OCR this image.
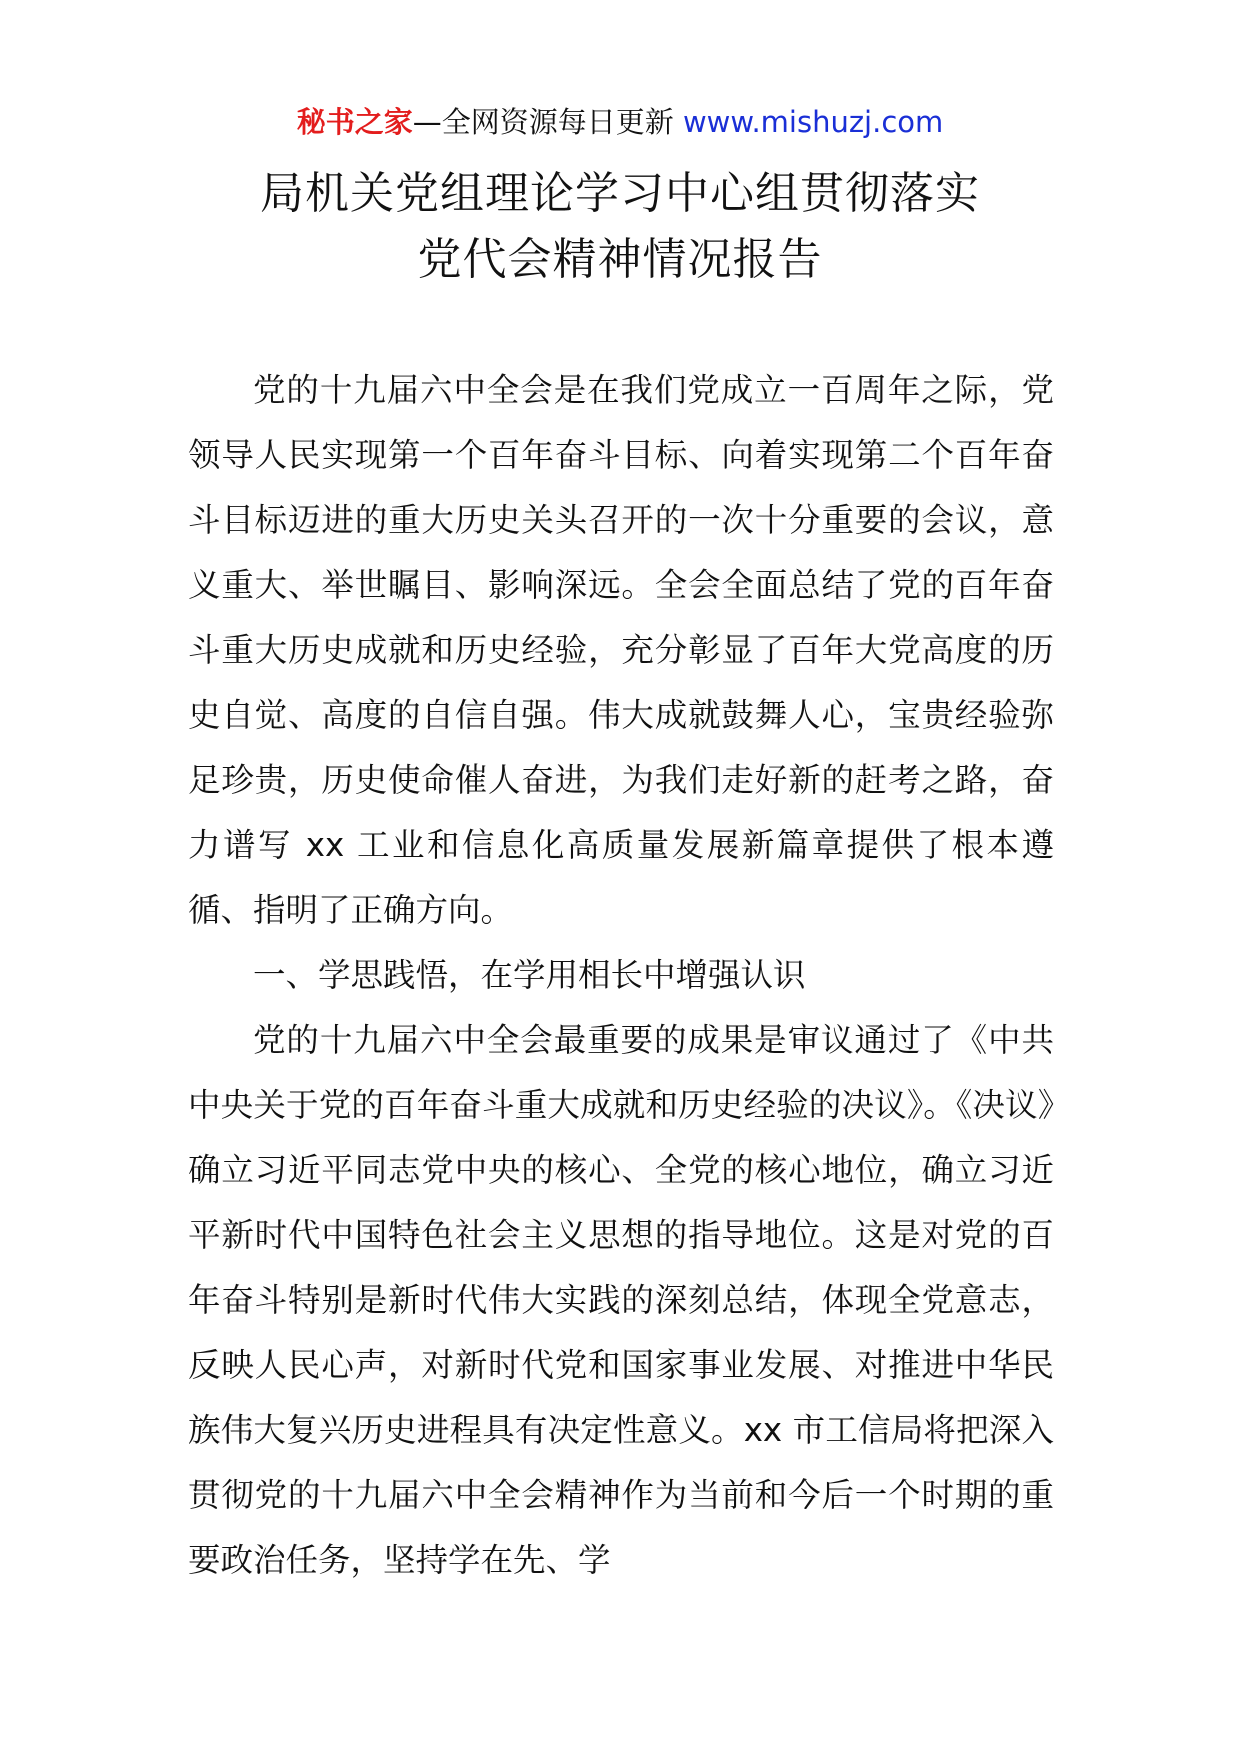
秘书之家—全网资源每日更新 www.mishuzj.com
局机关党组理论学习中心组贯彻落实
党代会精神情况报告

党的十九届六中全会是在我们党成立一百周年之际，党领导人民实现第一个百年奋斗目标、向着实现第二个百年奋斗目标迈进的重大历史关头召开的一次十分重要的会议，意义重大、举世瞩目、影响深远。全会全面总结了党的百年奋斗重大历史成就和历史经验，充分彰显了百年大党高度的历史自觉、高度的自信自强。伟大成就鼓舞人心，宝贵经验弥足珍贵，历史使命催人奋进，为我们走好新的赶考之路，奋力谱写 xx 工业和信息化高质量发展新篇章提供了根本遵循、指明了正确方向。

一、学思践悟，在学用相长中增强认识

党的十九届六中全会最重要的成果是审议通过了《中共中央关于党的百年奋斗重大成就和历史经验的决议》。《决议》确立习近平同志党中央的核心、全党的核心地位，确立习近平新时代中国特色社会主义思想的指导地位。这是对党的百年奋斗特别是新时代伟大实践的深刻总结，体现全党意志，反映人民心声，对新时代党和国家事业发展、对推进中华民族伟大复兴历史进程具有决定性意义。xx 市工信局将把深入贯彻党的十九届六中全会精神作为当前和今后一个时期的重要政治任务，坚持学在先、学
